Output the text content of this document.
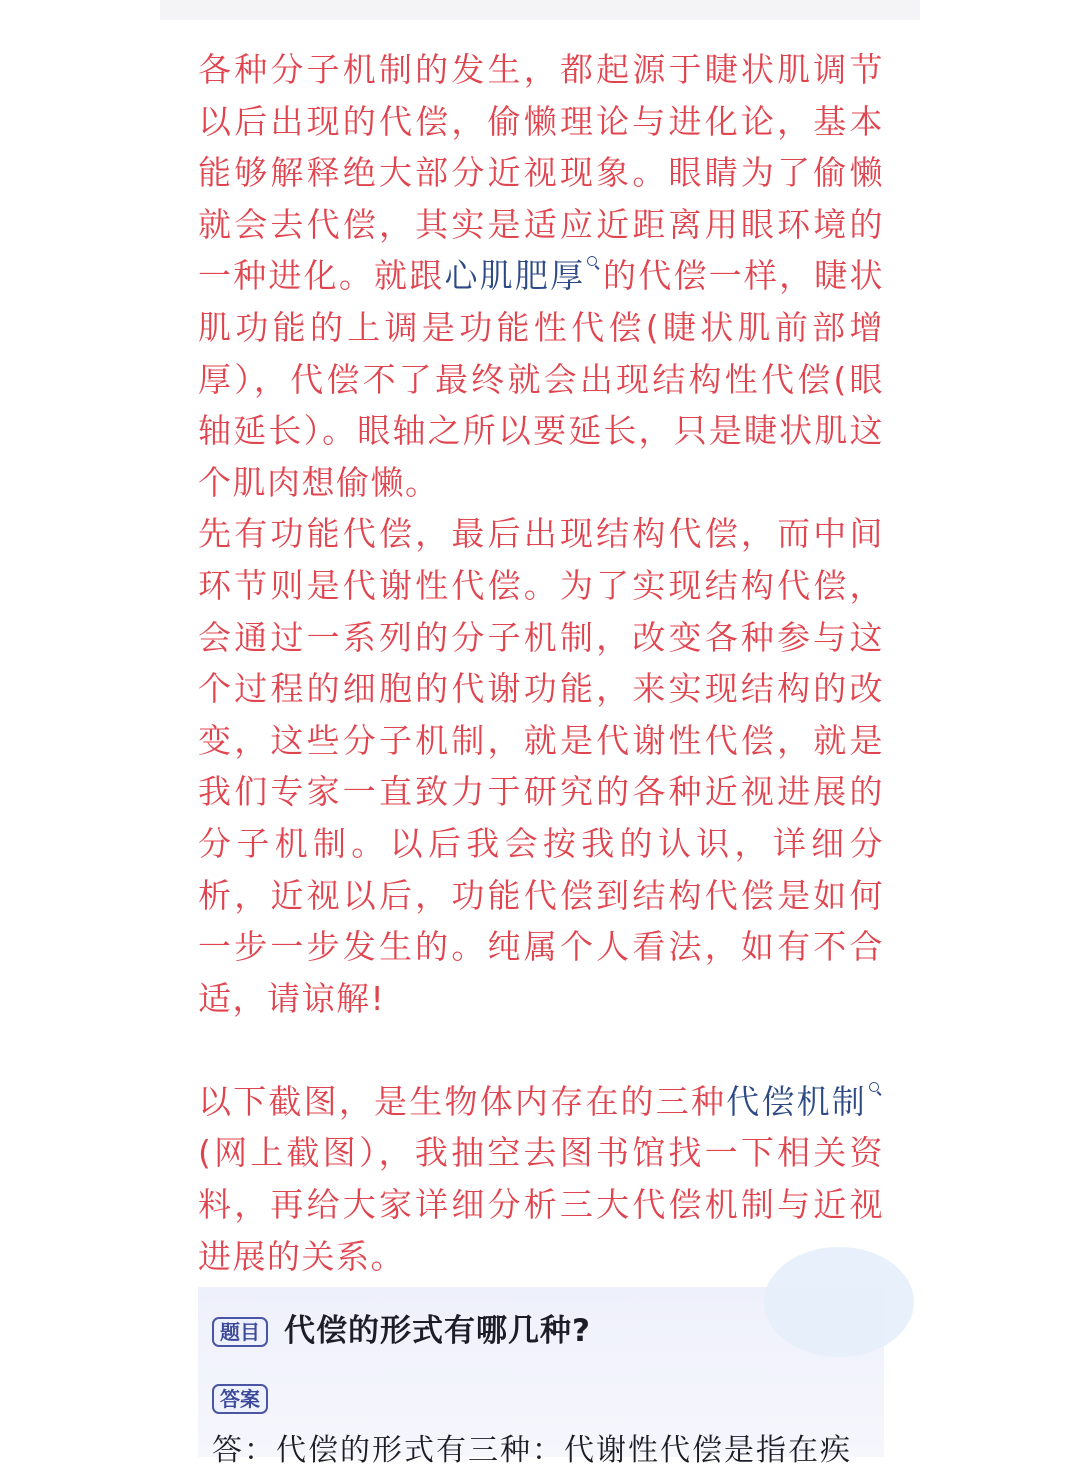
各种分子机制的发生，都起源于睫状肌调节以后出现的代偿，偷懒理论与进化论，基本能够解释绝大部分近视现象。眼睛为了偷懒就会去代偿，其实是适应近距离用眼环境的一种进化。就跟心肌肥厚 的代偿一样，睫状肌功能的上调是功能性代偿(睫状肌前部增厚），代偿不了最终就会出现结构性代偿(眼轴延长）。眼轴之所以要延长，只是睫状肌这个肌肉想偷懒。

先有功能代偿，最后出现结构代偿，而中间环节则是代谢性代偿。为了实现结构代偿，会通过一系列的分子机制，改变各种参与这个过程的细胞的代谢功能，来实现结构的改变，这些分子机制，就是代谢性代偿，就是我们专家一直致力于研究的各种近视进展的分子机制。以后我会按我的认识，详细分析，近视以后，功能代偿到结构代偿是如何一步一步发生的。纯属个人看法，如有不合适，请谅解!

以下截图，是生物体内存在的三种代偿机制(网上截图），我抽空去图书馆找一下相关资料，再给大家详细分析三大代偿机制与近视进展的关系。

题目 代偿的形式有哪几种?
答案
答：代偿的形式有三种：代谢性代偿是指在疾
